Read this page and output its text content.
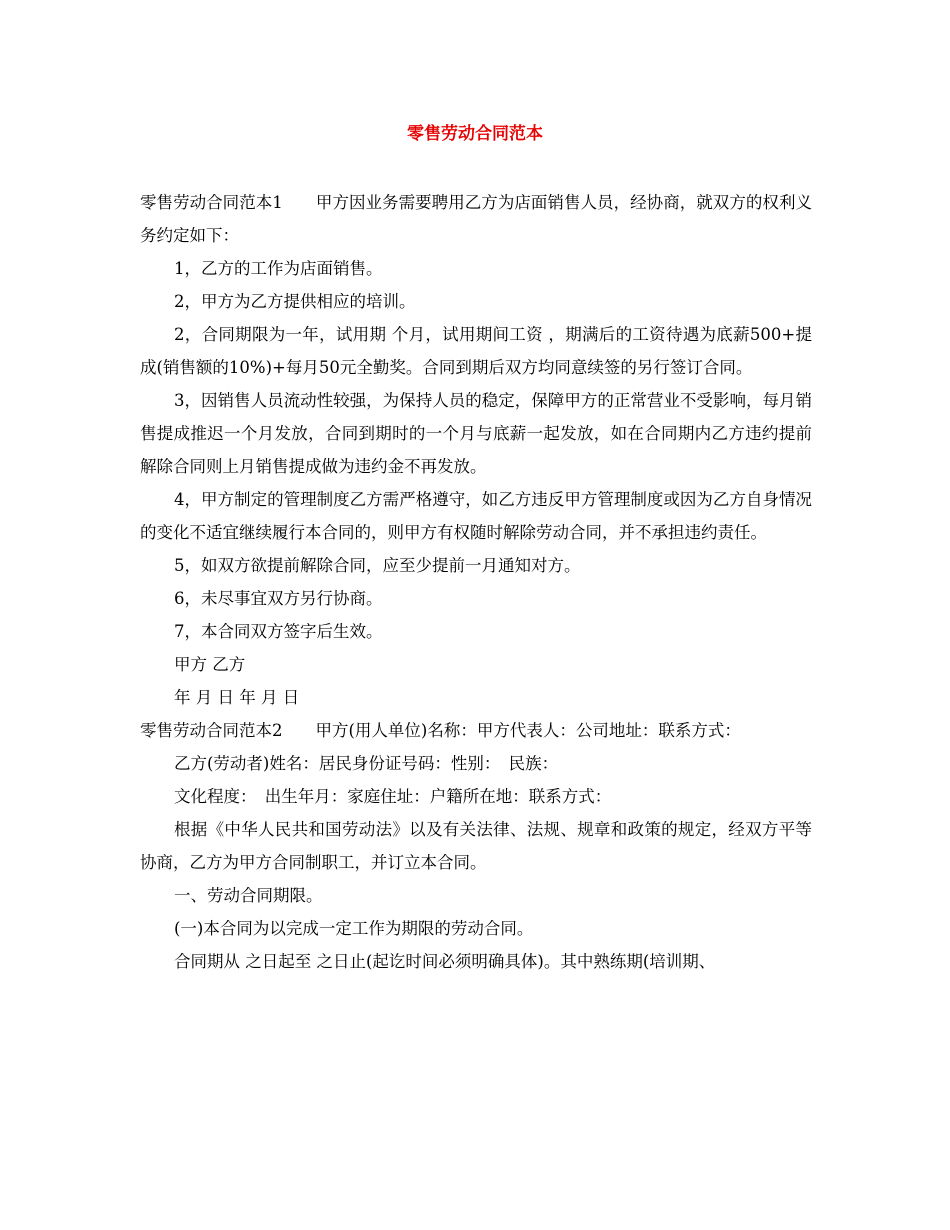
零售劳动合同范本

零售劳动合同范本1　　甲方因业务需要聘用乙方为店面销售人员，经协商，就双方的权利义务约定如下：

1，乙方的工作为店面销售。

2，甲方为乙方提供相应的培训。

2，合同期限为一年，试用期 个月，试用期间工资 ，期满后的工资待遇为底薪500+提成(销售额的10%)+每月50元全勤奖。合同到期后双方均同意续签的另行签订合同。

3，因销售人员流动性较强，为保持人员的稳定，保障甲方的正常营业不受影响，每月销售提成推迟一个月发放，合同到期时的一个月与底薪一起发放，如在合同期内乙方违约提前解除合同则上月销售提成做为违约金不再发放。

4，甲方制定的管理制度乙方需严格遵守，如乙方违反甲方管理制度或因为乙方自身情况的变化不适宜继续履行本合同的，则甲方有权随时解除劳动合同，并不承担违约责任。

5，如双方欲提前解除合同，应至少提前一月通知对方。

6，未尽事宜双方另行协商。

7，本合同双方签字后生效。

甲方 乙方

年 月 日 年 月 日

零售劳动合同范本2　　甲方(用人单位)名称：甲方代表人：公司地址：联系方式：

乙方(劳动者)姓名：居民身份证号码：性别：　民族：

文化程度：　出生年月：家庭住址：户籍所在地：联系方式：

根据《中华人民共和国劳动法》以及有关法律、法规、规章和政策的规定，经双方平等协商，乙方为甲方合同制职工，并订立本合同。

一、劳动合同期限。

(一)本合同为以完成一定工作为期限的劳动合同。

合同期从 之日起至 之日止(起讫时间必须明确具体)。其中熟练期(培训期、
